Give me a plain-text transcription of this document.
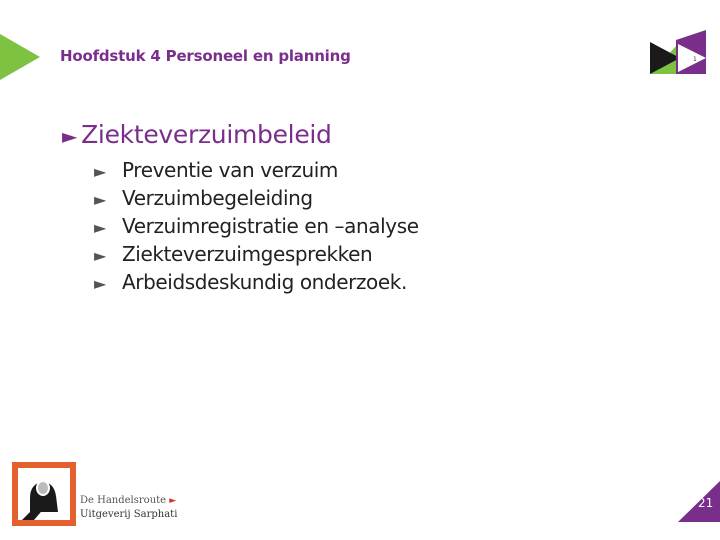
Hoofdstuk 4 Personeel en planning
L
1
► Ziekteverzuimbeleid
► Preventie van verzuim
► Verzuimbegeleiding
► Verzuimregistratie en –analyse
► Ziekteverzuimgesprekken
► Arbeidsdeskundig onderzoek.
De Handelsroute ►
Uitgeverij Sarphati
21
